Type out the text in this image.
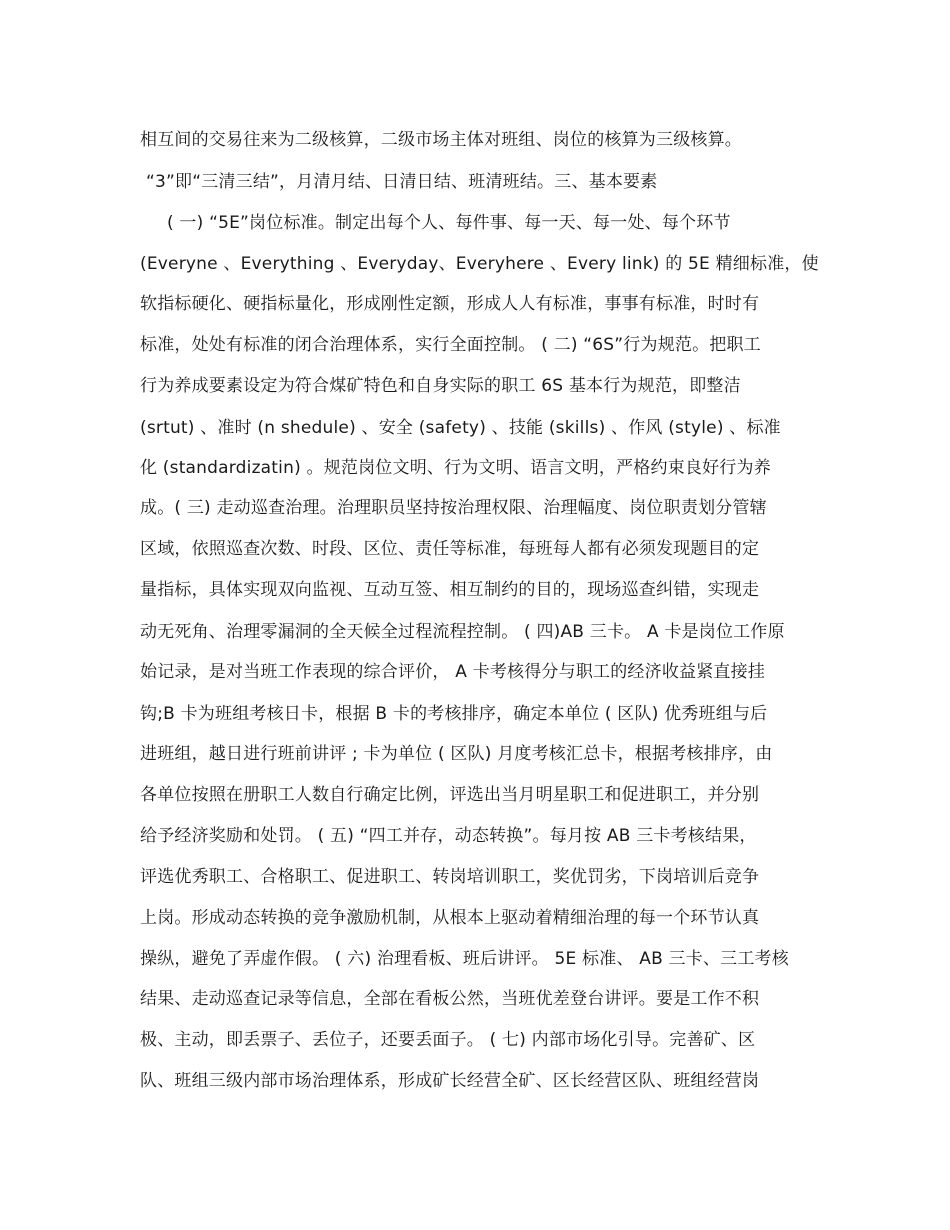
相互间的交易往来为二级核算，二级市场主体对班组、岗位的核算为三级核算。
“3”即“三清三结”，月清月结、日清日结、班清班结。三、基本要素
( 一) “5E”岗位标准。制定出每个人、每件事、每一天、每一处、每个环节
(Everyne 、Everything 、Everyday、Everyhere 、Every link) 的 5E 精细标准，使
软指标硬化、硬指标量化，形成刚性定额，形成人人有标准，事事有标准，时时有
标准，处处有标准的闭合治理体系，实行全面控制。 ( 二) “6S”行为规范。把职工
行为养成要素设定为符合煤矿特色和自身实际的职工 6S 基本行为规范，即整洁
(srtut) 、准时 (n shedule) 、安全 (safety) 、技能 (skills) 、作风 (style) 、标准
化 (standardizatin) 。规范岗位文明、行为文明、语言文明，严格约束良好行为养
成。( 三) 走动巡查治理。治理职员坚持按治理权限、治理幅度、岗位职责划分管辖
区域，依照巡查次数、时段、区位、责任等标准，每班每人都有必须发现题目的定
量指标，具体实现双向监视、互动互签、相互制约的目的，现场巡查纠错，实现走
动无死角、治理零漏洞的全天候全过程流程控制。 ( 四)AB 三卡。 A 卡是岗位工作原
始记录，是对当班工作表现的综合评价， A 卡考核得分与职工的经济收益紧直接挂
钩;B 卡为班组考核日卡，根据 B 卡的考核排序，确定本单位 ( 区队) 优秀班组与后
进班组，越日进行班前讲评 ; 卡为单位 ( 区队) 月度考核汇总卡，根据考核排序，由
各单位按照在册职工人数自行确定比例，评选出当月明星职工和促进职工，并分别
给予经济奖励和处罚。 ( 五) “四工并存，动态转换”。每月按 AB 三卡考核结果，
评选优秀职工、合格职工、促进职工、转岗培训职工，奖优罚劣，下岗培训后竞争
上岗。形成动态转换的竞争激励机制，从根本上驱动着精细治理的每一个环节认真
操纵，避免了弄虚作假。 ( 六) 治理看板、班后讲评。 5E 标准、 AB 三卡、三工考核
结果、走动巡查记录等信息，全部在看板公然，当班优差登台讲评。要是工作不积
极、主动，即丢票子、丢位子，还要丢面子。 ( 七) 内部市场化引导。完善矿、区
队、班组三级内部市场治理体系，形成矿长经营全矿、区长经营区队、班组经营岗
